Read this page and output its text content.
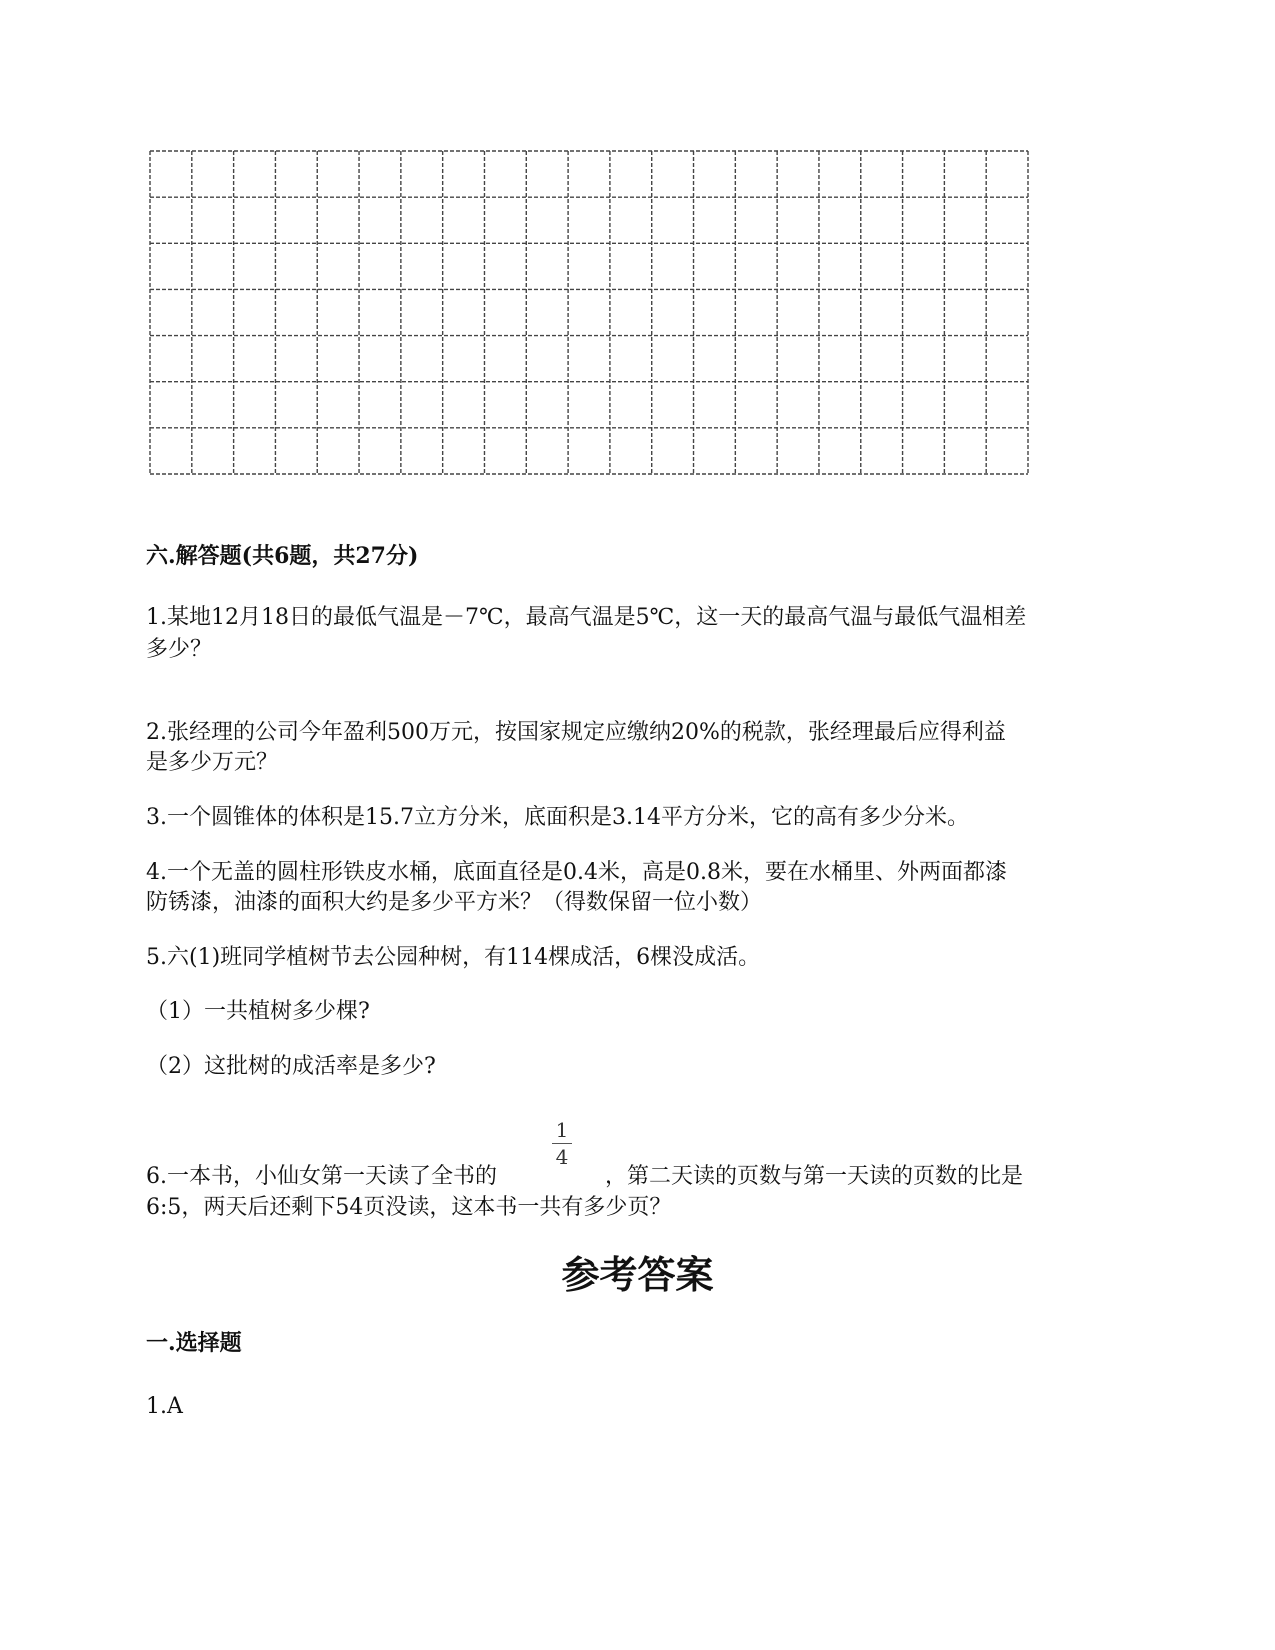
六.解答题(共6题，共27分)
1.某地12月18日的最低气温是－7℃，最高气温是5℃，这一天的最高气温与最低气温相差
多少？
2.张经理的公司今年盈利500万元，按国家规定应缴纳20%的税款，张经理最后应得利益
是多少万元？
3.一个圆锥体的体积是15.7立方分米，底面积是3.14平方分米，它的高有多少分米。
4.一个无盖的圆柱形铁皮水桶，底面直径是0.4米，高是0.8米，要在水桶里、外两面都漆
防锈漆，油漆的面积大约是多少平方米？（得数保留一位小数）
5.六(1)班同学植树节去公园种树，有114棵成活，6棵没成活。
（1）一共植树多少棵?
（2）这批树的成活率是多少?
6.一本书，小仙女第一天读了全书的
1
4
，第二天读的页数与第一天读的页数的比是
6:5，两天后还剩下54页没读，这本书一共有多少页？
参考答案
一.选择题
1.A
